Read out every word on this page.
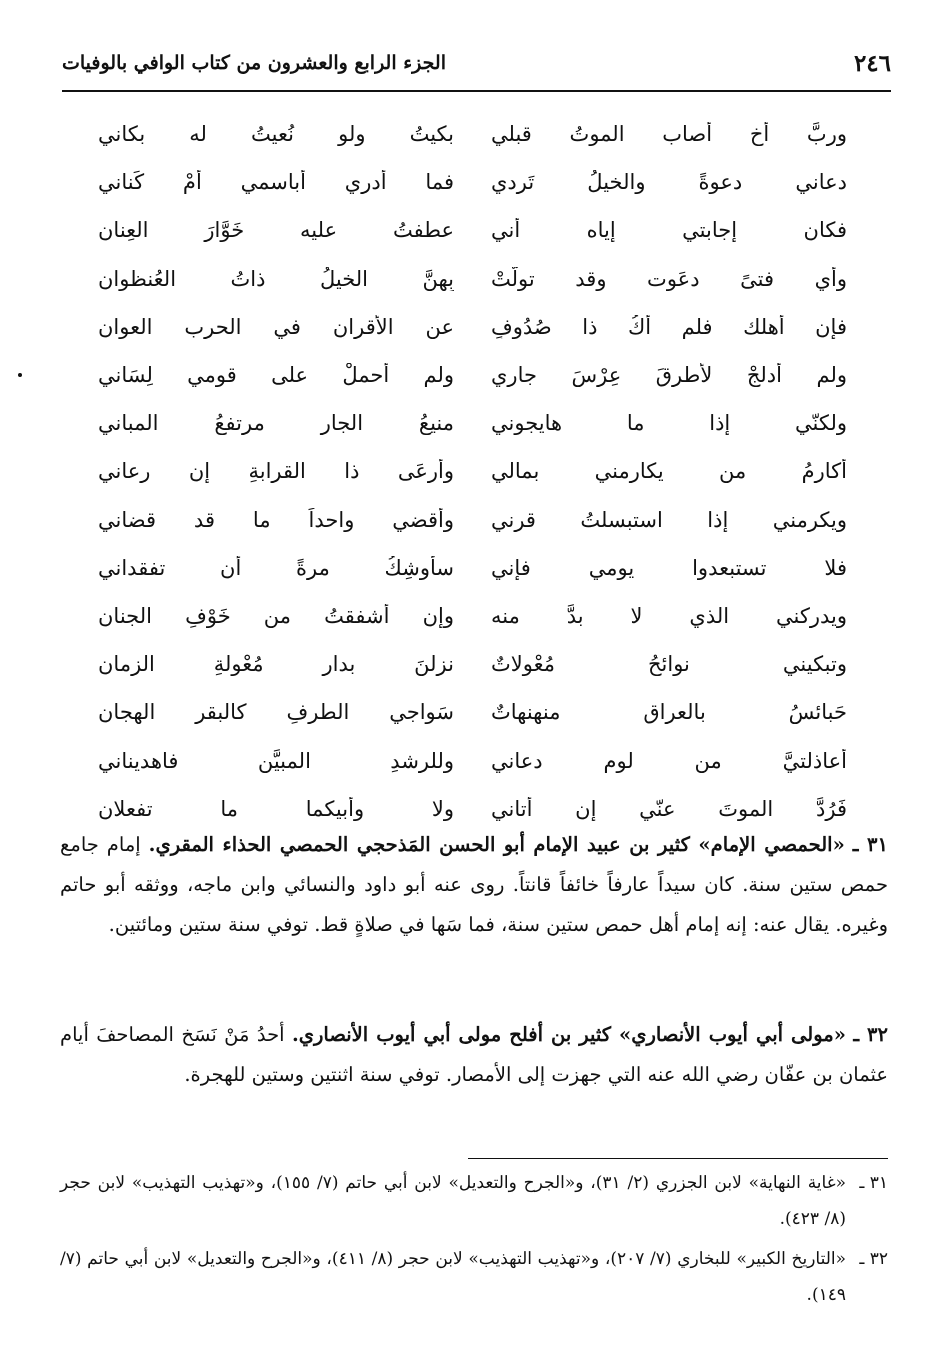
٢٤٦
الجزء الرابع والعشرون من كتاب الوافي بالوفيات
وربَّ أخٍ أصاب الموتُ قبلي
بكيتُ ولو نُعيتُ له بكاني
دعاني دعوةً والخيلُ تَردي
فما أدري أباسمي أمْ كَناني
فكان إجابتي إياه أني
عطفتُ عليه خَوَّارَ العِنان
وأي فتىً دعَوت وقد تولَّتْ
بِهِنَّ الخيلُ ذاتُ العُنظوان
فإن أهلك فلم أكُ ذا صُدُوفٍ
عن الأقرانِ في الحرب العوان
ولم أدلجْ لأطرقَ عِرْسَ جاري
ولم أحملْ على قومي لِسَاني
ولكنّي إذا ما هايجوني
منيعُ الجارِ مرتفعُ المباني
أُكارمُ من يكارمني بمالي
وأرعَى ذا القرابةِ إن رعاني
ويكرمني إذا استبسلتُ قرني
وأقضي واحداً ما قد قضاني
فلا تستبعدوا يومي فإني
سأُوشِكُ مرةً أن تفقداني
ويدركني الذي لا بدَّ منه
وإن أشفقتُ من خَوْفِ الجنان
وتبكيني نوائحُ مُعْوِلاتٌ
نزلنَ بدار مُعْوِلةِ الزمان
حَبائسُ بالعراق منهنهاتٌ
سَواجي الطرفِ كالبقر الهِجان
أعاذلتيَّ من لومٍ دعاني
وللرشدِ المبيَّنِ فاهديناني
فَرُدَّ الموتَ عنّي إن أتاني
ولا وأبيكما ما تفعلان
٣١ ـ «الحمصي الإمام» كثير بن عبيد الإمام أبو الحسن المَذحجي الحمصي الحذاء المقري. إمام جامع حمص ستين سنة. كان سيداً عارفاً خائفاً قانتاً. روى عنه أبو داود والنسائي وابن ماجه، ووثقه أبو حاتم وغيره. يقال عنه: إنه إمام أهل حمص ستين سنة، فما سَها في صلاةٍ قط. توفي سنة ستين ومائتين.
٣٢ ـ «مولى أبي أيوب الأنصاري» كثير بن أفلح مولى أبي أيوب الأنصاري. أحدُ مَنْ نَسَخ المصاحفَ أيام عثمان بن عفّان رضي الله عنه التي جهزت إلى الأمصار. توفي سنة اثنتين وستين للهجرة.
٣١ ـ
«غاية النهاية» لابن الجزري (٢/ ٣١)، و«الجرح والتعديل» لابن أبي حاتم (٧/ ١٥٥)، و«تهذيب التهذيب» لابن حجر (٨/ ٤٢٣).
٣٢ ـ
«التاريخ الكبير» للبخاري (٧/ ٢٠٧)، و«تهذيب التهذيب» لابن حجر (٨/ ٤١١)، و«الجرح والتعديل» لابن أبي حاتم (٧/ ١٤٩).
